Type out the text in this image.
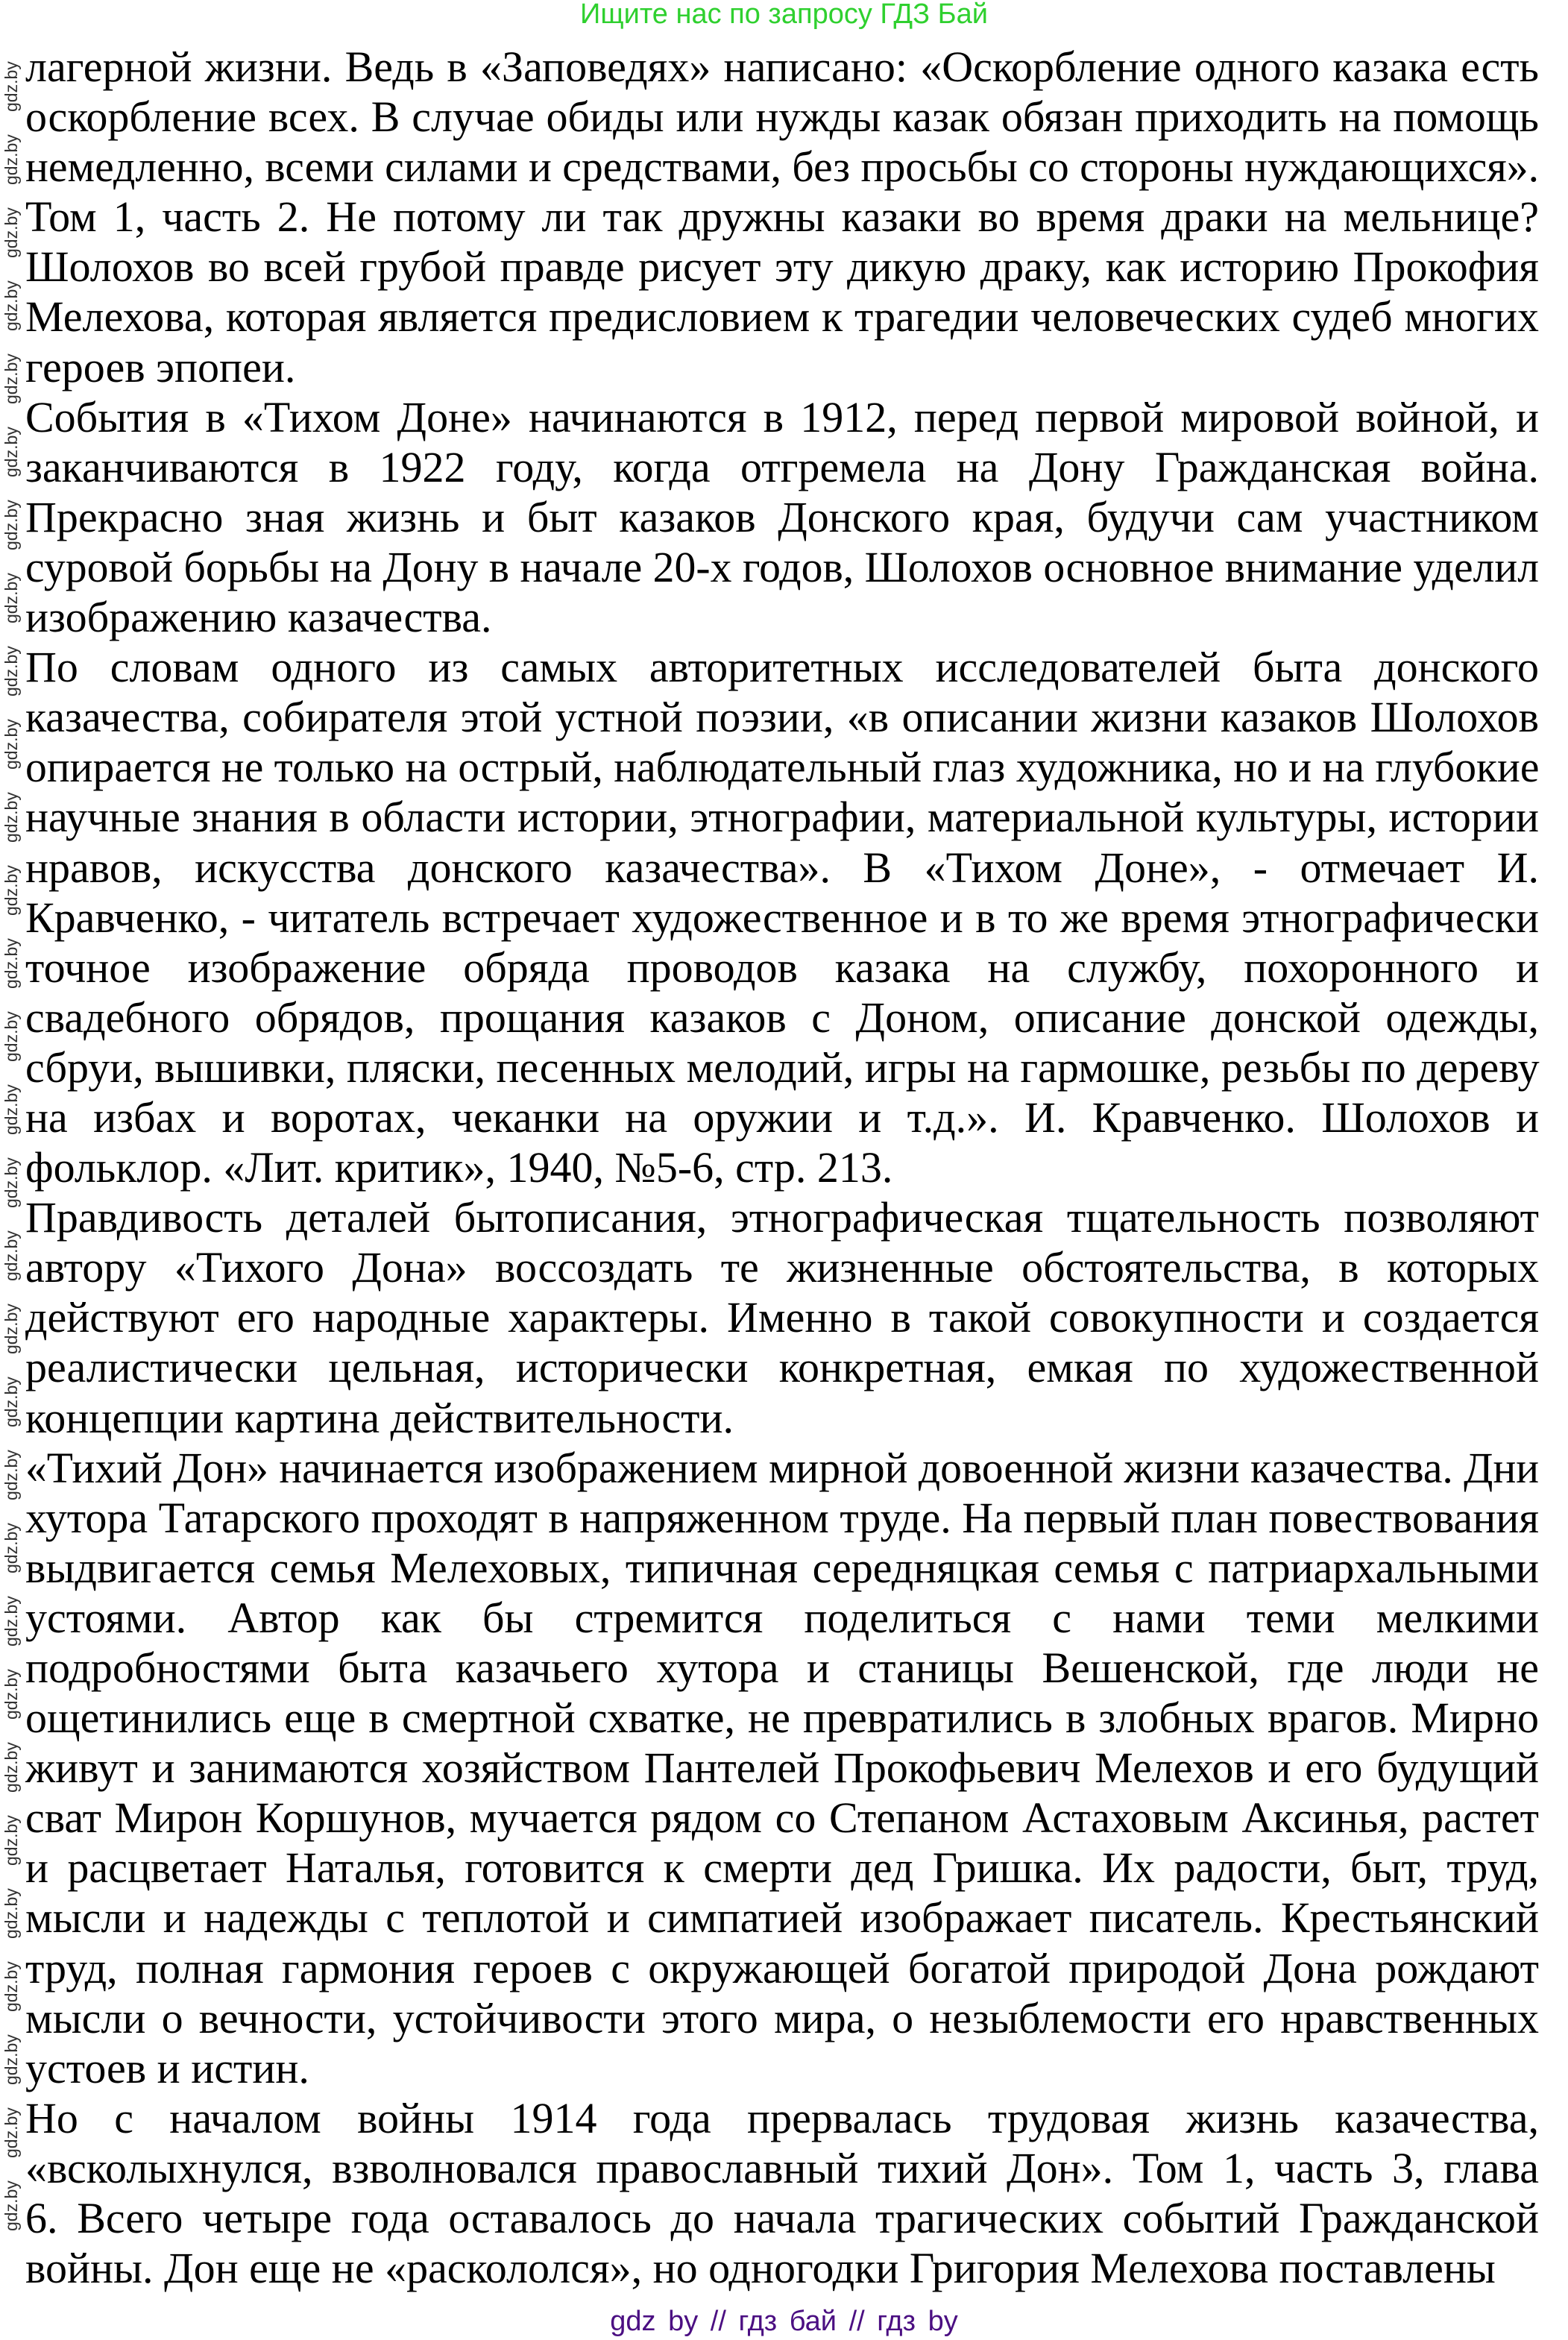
Ищите нас по запросу ГДЗ Бай
лагерной жизни. Ведь в «Заповедях» написано: «Оскорбление одного казака есть
оскорбление всех. В случае обиды или нужды казак обязан приходить на помощь
немедленно, всеми силами и средствами, без просьбы со стороны нуждающихся».
Том 1, часть 2. Не потому ли так дружны казаки во время драки на мельнице?
Шолохов во всей грубой правде рисует эту дикую драку, как историю Прокофия
Мелехова, которая является предисловием к трагедии человеческих судеб многих
героев эпопеи.
События в «Тихом Доне» начинаются в 1912, перед первой мировой войной, и
заканчиваются в 1922 году, когда отгремела на Дону Гражданская война.
Прекрасно зная жизнь и быт казаков Донского края, будучи сам участником
суровой борьбы на Дону в начале 20-х годов, Шолохов основное внимание уделил
изображению казачества.
По словам одного из самых авторитетных исследователей быта донского
казачества, собирателя этой устной поэзии, «в описании жизни казаков Шолохов
опирается не только на острый, наблюдательный глаз художника, но и на глубокие
научные знания в области истории, этнографии, материальной культуры, истории
нравов, искусства донского казачества». В «Тихом Доне», - отмечает И.
Кравченко, - читатель встречает художественное и в то же время этнографически
точное изображение обряда проводов казака на службу, похоронного и
свадебного обрядов, прощания казаков с Доном, описание донской одежды,
сбруи, вышивки, пляски, песенных мелодий, игры на гармошке, резьбы по дереву
на избах и воротах, чеканки на оружии и т.д.». И. Кравченко. Шолохов и
фольклор. «Лит. критик», 1940, №5-6, стр. 213.
Правдивость деталей бытописания, этнографическая тщательность позволяют
автору «Тихого Дона» воссоздать те жизненные обстоятельства, в которых
действуют его народные характеры. Именно в такой совокупности и создается
реалистически цельная, исторически конкретная, емкая по художественной
концепции картина действительности.
«Тихий Дон» начинается изображением мирной довоенной жизни казачества. Дни
хутора Татарского проходят в напряженном труде. На первый план повествования
выдвигается семья Мелеховых, типичная середняцкая семья с патриархальными
устоями. Автор как бы стремится поделиться с нами теми мелкими
подробностями быта казачьего хутора и станицы Вешенской, где люди не
ощетинились еще в смертной схватке, не превратились в злобных врагов. Мирно
живут и занимаются хозяйством Пантелей Прокофьевич Мелехов и его будущий
сват Мирон Коршунов, мучается рядом со Степаном Астаховым Аксинья, растет
и расцветает Наталья, готовится к смерти дед Гришка. Их радости, быт, труд,
мысли и надежды с теплотой и симпатией изображает писатель. Крестьянский
труд, полная гармония героев с окружающей богатой природой Дона рождают
мысли о вечности, устойчивости этого мира, о незыблемости его нравственных
устоев и истин.
Но с началом войны 1914 года прервалась трудовая жизнь казачества,
«всколыхнулся, взволновался православный тихий Дон». Том 1, часть 3, глава
6. Всего четыре года оставалось до начала трагических событий Гражданской
войны. Дон еще не «раскололся», но одногодки Григория Мелехова поставлены
gdz.by
gdz.by
gdz.by
gdz.by
gdz.by
gdz.by
gdz.by
gdz.by
gdz.by
gdz.by
gdz.by
gdz.by
gdz.by
gdz.by
gdz.by
gdz.by
gdz.by
gdz.by
gdz.by
gdz.by
gdz.by
gdz.by
gdz.by
gdz.by
gdz.by
gdz.by
gdz.by
gdz.by
gdz.by
gdz.by
gdz by // гдз бай // гдз by
